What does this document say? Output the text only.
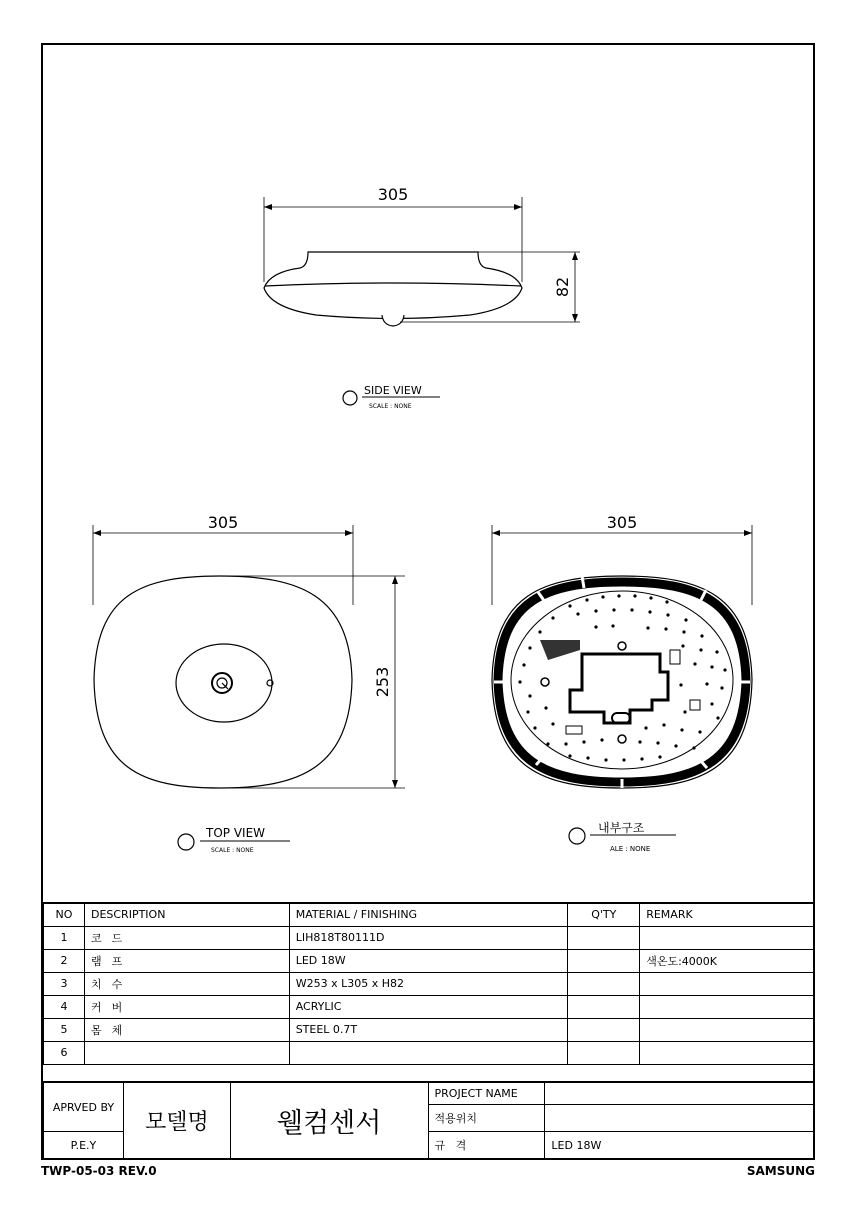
305
82
SIDE VIEW
SCALE : NONE
305
253
TOP VIEW
SCALE : NONE
305
내부구조
ALE : NONE
NO	DESCRIPTION	MATERIAL / FINISHING	Q'TY	REMARK
1	코드	LIH818T80111D		
2	램프	LED 18W		색온도:4000K
3	치수	W253 x L305 x H82		
4	커버	ACRYLIC		
5	몸체	STEEL 0.7T		
6				
APRVED BY	모델명	웰컴센서	PROJECT NAME	
			적용위치	
P.E.Y			규   격	LED 18W
TWP-05-03 REV.0	SAMSUNG
